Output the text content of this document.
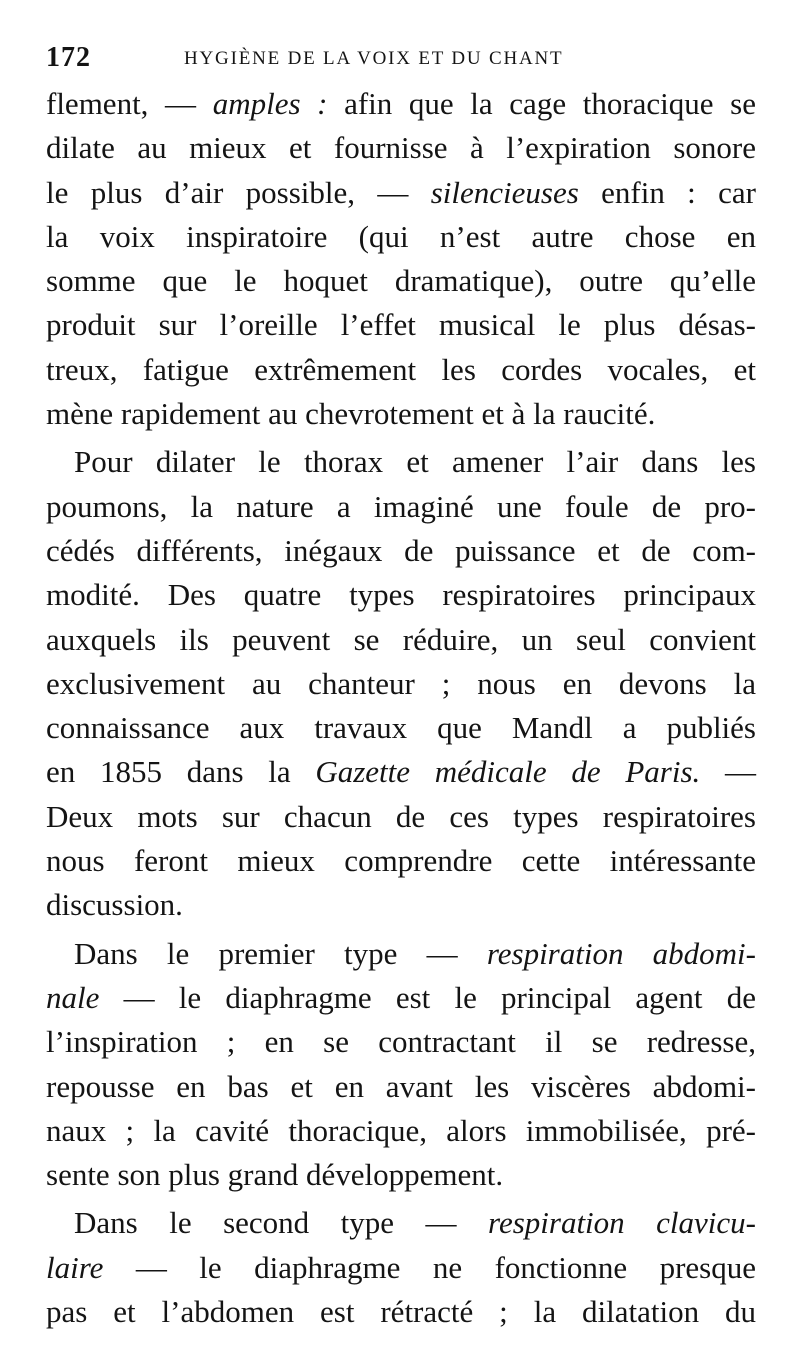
172	HYGIÈNE DE LA VOIX ET DU CHANT
flement, — amples : afin que la cage thoracique se
dilate au mieux et fournisse à l’expiration sonore
le plus d’air possible, — silencieuses enfin : car
la voix inspiratoire (qui n’est autre chose en
somme que le hoquet dramatique), outre qu’elle
produit sur l’oreille l’effet musical le plus désas-
treux, fatigue extrêmement les cordes vocales, et
mène rapidement au chevrotement et à la raucité.
Pour dilater le thorax et amener l’air dans les
poumons, la nature a imaginé une foule de pro-
cédés différents, inégaux de puissance et de com-
modité. Des quatre types respiratoires principaux
auxquels ils peuvent se réduire, un seul convient
exclusivement au chanteur ; nous en devons la
connaissance aux travaux que Mandl a publiés
en 1855 dans la Gazette médicale de Paris. —
Deux mots sur chacun de ces types respiratoires
nous feront mieux comprendre cette intéressante
discussion.
Dans le premier type — respiration abdomi-
nale — le diaphragme est le principal agent de
l’inspiration ; en se contractant il se redresse,
repousse en bas et en avant les viscères abdomi-
naux ; la cavité thoracique, alors immobilisée, pré-
sente son plus grand développement.
Dans le second type — respiration clavicu-
laire — le diaphragme ne fonctionne presque
pas et l’abdomen est rétracté ; la dilatation du
